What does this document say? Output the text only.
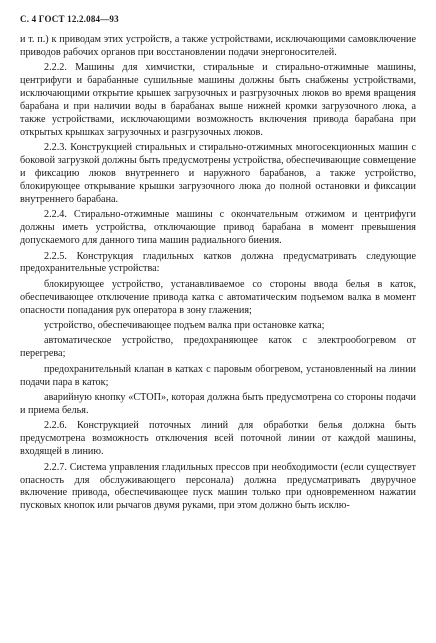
С. 4 ГОСТ 12.2.084—93

и т. п.) к приводам этих устройств, а также устройствами, исключающими самовключение приводов рабочих органов при восстановлении подачи энергоносителей.

2.2.2. Машины для химчистки, стиральные и стирально-отжимные машины, центрифуги и барабанные сушильные машины должны быть снабжены устройствами, исключающими открытие крышек загрузочных и разгрузочных люков во время вращения барабана и при наличии воды в барабанах выше нижней кромки загрузочного люка, а также устройствами, исключающими возможность включения привода барабана при открытых крышках загрузочных и разгрузочных люков.

2.2.3. Конструкцией стиральных и стирально-отжимных многосекционных машин с боковой загрузкой должны быть предусмотрены устройства, обеспечивающие совмещение и фиксацию люков внутреннего и наружного барабанов, а также устройство, блокирующее открывание крышки загрузочного люка до полной остановки и фиксации внутреннего барабана.

2.2.4. Стирально-отжимные машины с окончательным отжимом и центрифуги должны иметь устройства, отключающие привод барабана в момент превышения допускаемого для данного типа машин радиального биения.

2.2.5. Конструкция гладильных катков должна предусматривать следующие предохранительные устройства:

блокирующее устройство, устанавливаемое со стороны ввода белья в каток, обеспечивающее отключение привода катка с автоматическим подъемом валка в момент опасности попадания рук оператора в зону глажения;

устройство, обеспечивающее подъем валка при остановке катка;

автоматическое устройство, предохраняющее каток с электрообогревом от перегрева;

предохранительный клапан в катках с паровым обогревом, установленный на линии подачи пара в каток;

аварийную кнопку «СТОП», которая должна быть предусмотрена со стороны подачи и приема белья.

2.2.6. Конструкцией поточных линий для обработки белья должна быть предусмотрена возможность отключения всей поточной линии от каждой машины, входящей в линию.

2.2.7. Система управления гладильных прессов при необходимости (если существует опасность для обслуживающего персонала) должна предусматривать двуручное включение привода, обеспечивающее пуск машин только при одновременном нажатии пусковых кнопок или рычагов двумя руками, при этом должно быть исклю-
